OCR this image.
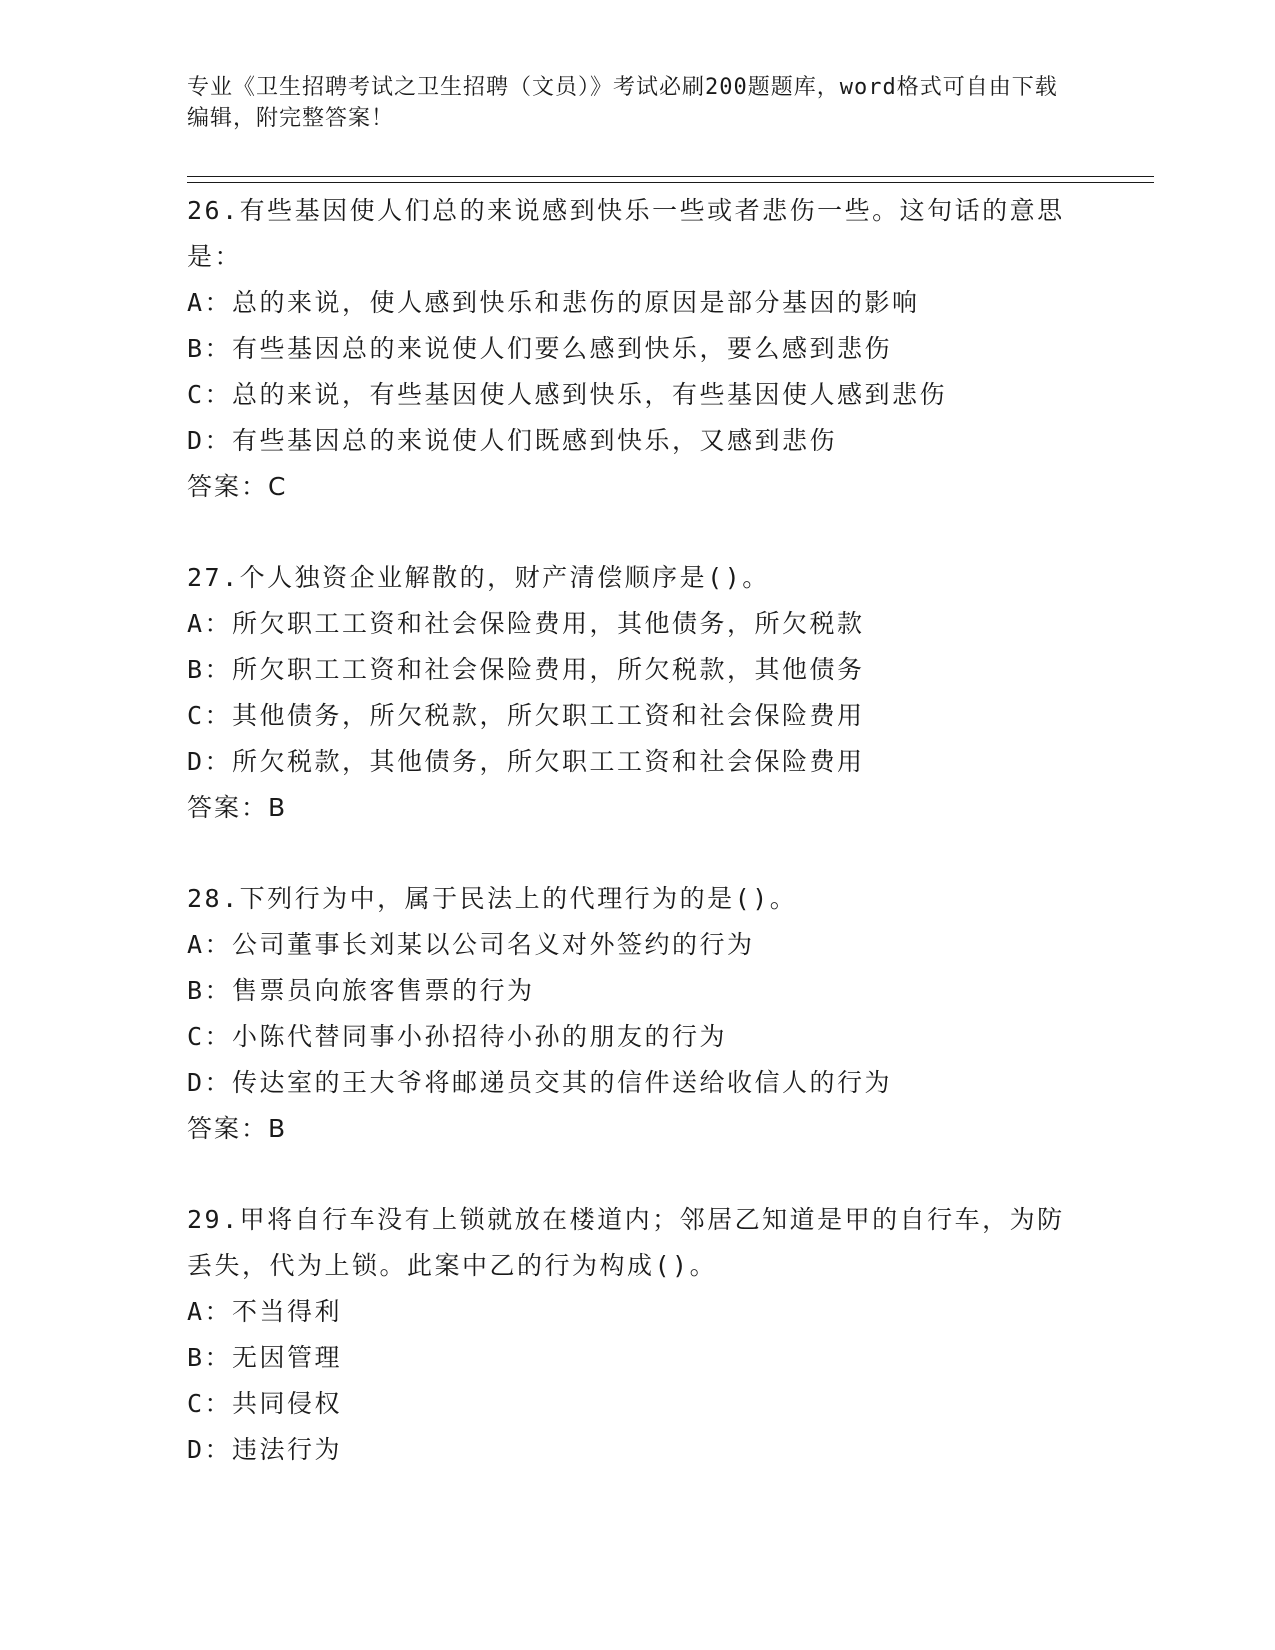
专业《卫生招聘考试之卫生招聘（文员）》考试必刷200题题库，word格式可自由下载编辑，附完整答案！

26.有些基因使人们总的来说感到快乐一些或者悲伤一些。这句话的意思是：

A：总的来说，使人感到快乐和悲伤的原因是部分基因的影响

B：有些基因总的来说使人们要么感到快乐，要么感到悲伤

C：总的来说，有些基因使人感到快乐，有些基因使人感到悲伤

D：有些基因总的来说使人们既感到快乐，又感到悲伤

答案：C

27.个人独资企业解散的，财产清偿顺序是()。

A：所欠职工工资和社会保险费用，其他债务，所欠税款

B：所欠职工工资和社会保险费用，所欠税款，其他债务

C：其他债务，所欠税款，所欠职工工资和社会保险费用

D：所欠税款，其他债务，所欠职工工资和社会保险费用

答案：B

28.下列行为中，属于民法上的代理行为的是()。

A：公司董事长刘某以公司名义对外签约的行为

B：售票员向旅客售票的行为

C：小陈代替同事小孙招待小孙的朋友的行为

D：传达室的王大爷将邮递员交其的信件送给收信人的行为

答案：B

29.甲将自行车没有上锁就放在楼道内；邻居乙知道是甲的自行车，为防丢失，代为上锁。此案中乙的行为构成()。

A：不当得利

B：无因管理

C：共同侵权

D：违法行为
